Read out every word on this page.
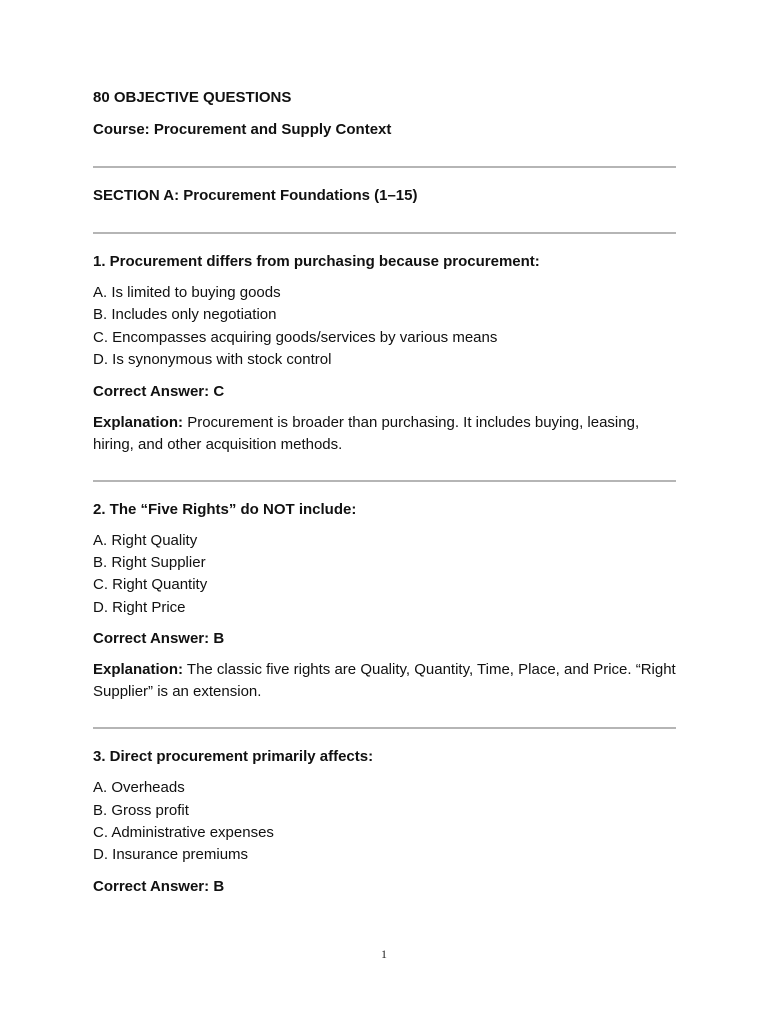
80 OBJECTIVE QUESTIONS

Course: Procurement and Supply Context

SECTION A: Procurement Foundations (1–15)

1. Procurement differs from purchasing because procurement:

A. Is limited to buying goods
B. Includes only negotiation
C. Encompasses acquiring goods/services by various means
D. Is synonymous with stock control

Correct Answer: C

Explanation: Procurement is broader than purchasing. It includes buying, leasing, hiring, and other acquisition methods.

2. The “Five Rights” do NOT include:

A. Right Quality
B. Right Supplier
C. Right Quantity
D. Right Price

Correct Answer: B

Explanation: The classic five rights are Quality, Quantity, Time, Place, and Price. “Right Supplier” is an extension.

3. Direct procurement primarily affects:

A. Overheads
B. Gross profit
C. Administrative expenses
D. Insurance premiums

Correct Answer: B

1
